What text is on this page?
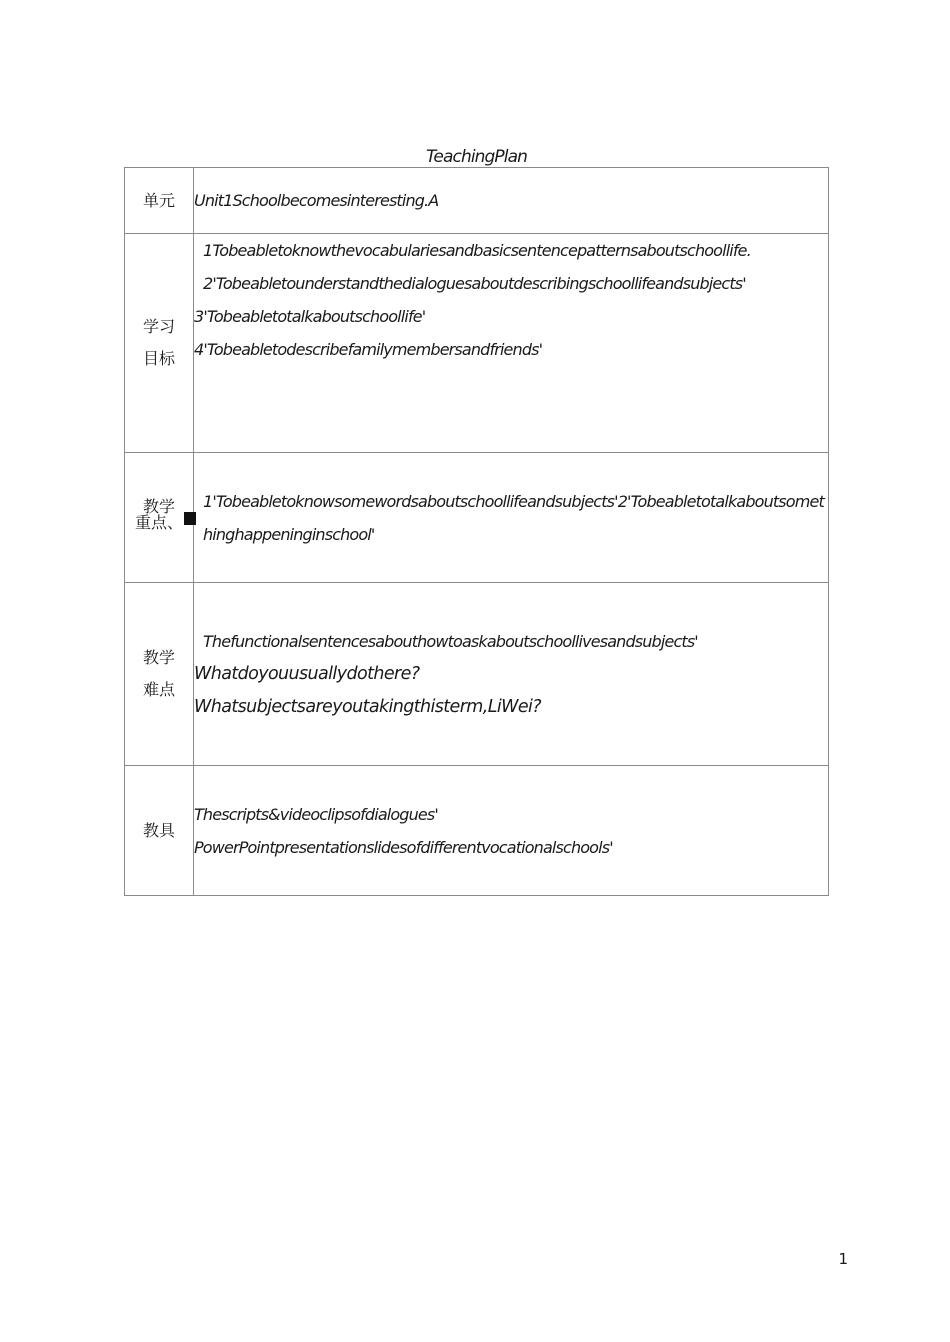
TeachingPlan
单元	Unit1Schoolbecomesinteresting.A

学习
目标	1Tobeabletoknowthevocabulariesandbasicsentencepatternsaboutschoollife.
2'Tobeabletounderstandthedialoguesaboutdescribingschoollifeandsubjects'
3'Tobeabletotalkaboutschoollife'
4'Tobeabletodescribefamilymembersandfriends'

教学
重点、	1'Tobeabletoknowsomewordsaboutschoollifeandsubjects'2'Tobeabletotalkaboutsomethinghappeninginschool'

教学
难点	Thefunctionalsentencesabouthowtoaskaboutschoollivesandsubjects'
Whatdoyouusuallydothere?
Whatsubjectsareyoutakingthisterm,LiWei?

教具	Thescripts&videoclipsofdialogues'
PowerPointpresentationslidesofdifferentvocationalschools'
1
